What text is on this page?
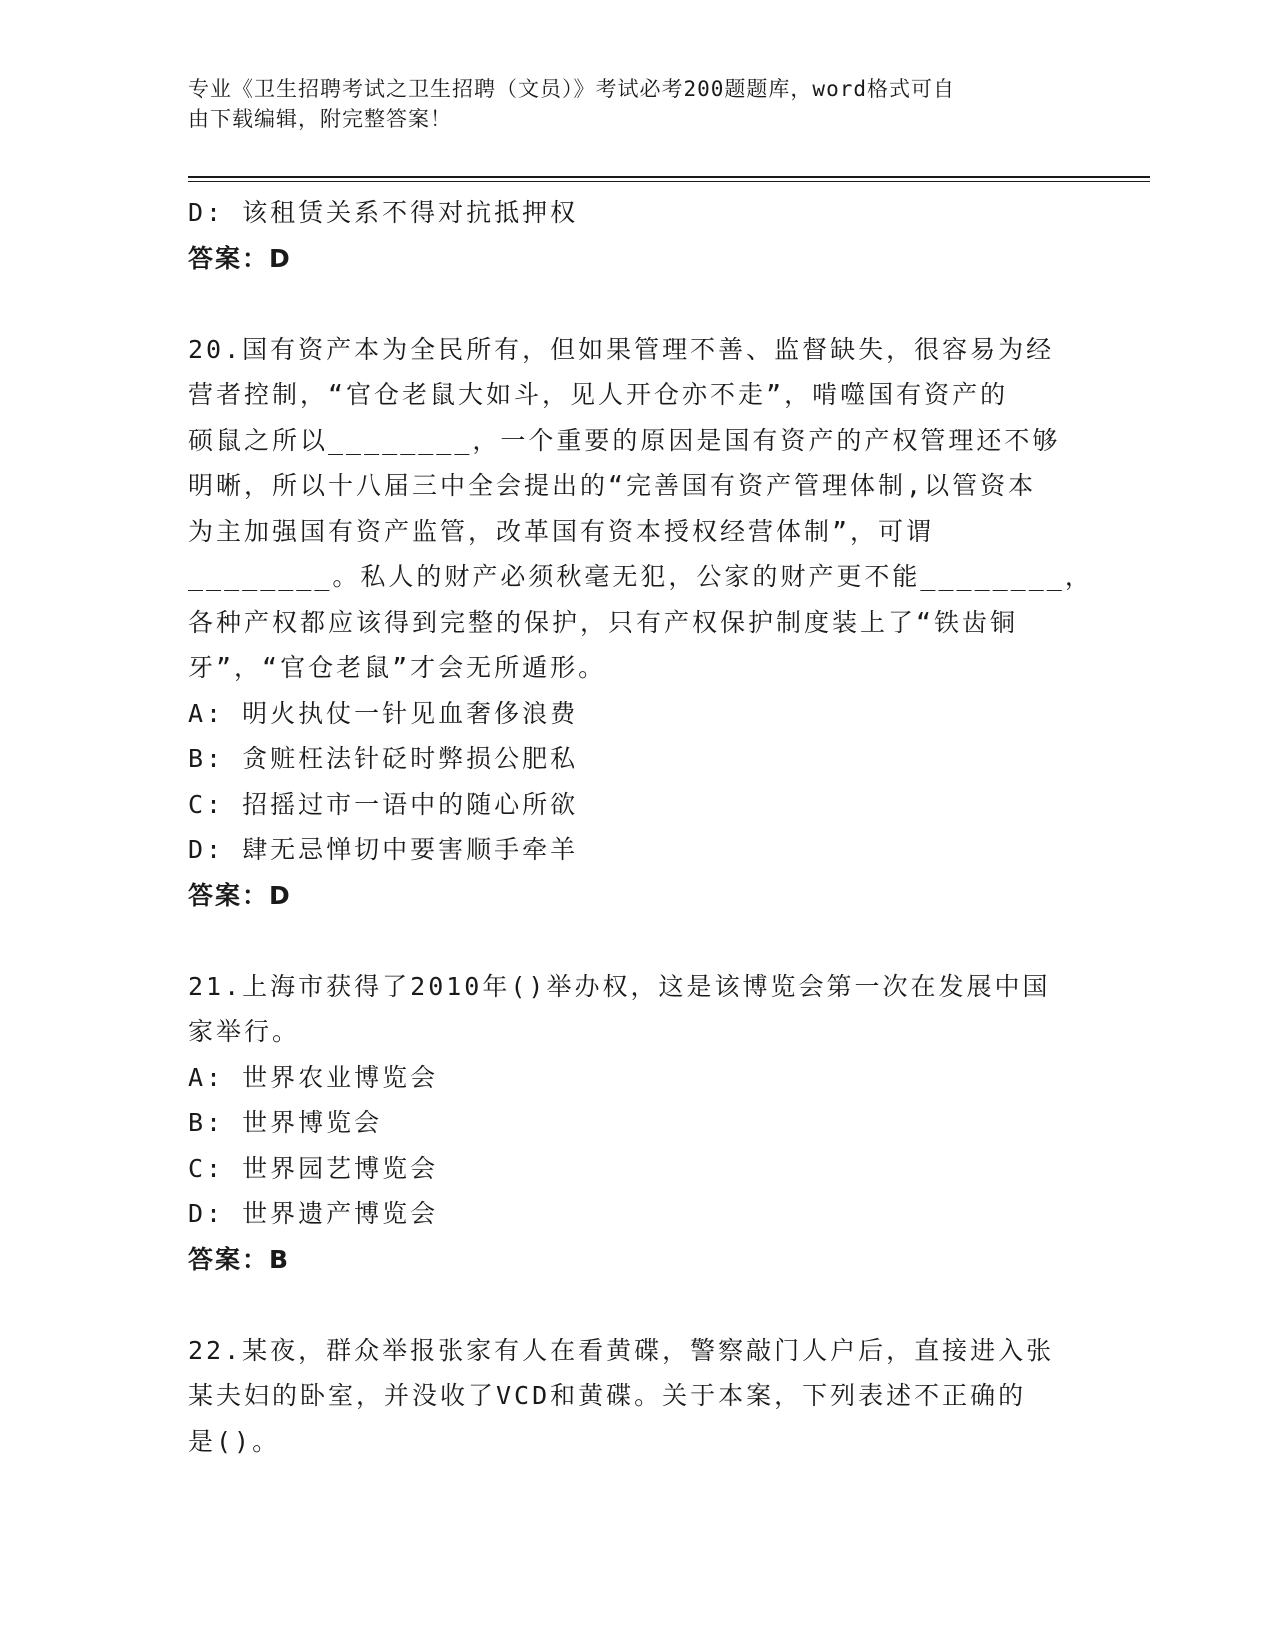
专业《卫生招聘考试之卫生招聘（文员）》考试必考200题题库，word格式可自
由下载编辑，附完整答案！
D: 该租赁关系不得对抗抵押权
答案：D
20.国有资产本为全民所有，但如果管理不善、监督缺失，很容易为经
营者控制，“官仓老鼠大如斗，见人开仓亦不走”，啃噬国有资产的
硕鼠之所以________，一个重要的原因是国有资产的产权管理还不够
明晰，所以十八届三中全会提出的“完善国有资产管理体制,以管资本
为主加强国有资产监管，改革国有资本授权经营体制”，可谓
________。私人的财产必须秋毫无犯，公家的财产更不能________，
各种产权都应该得到完整的保护，只有产权保护制度装上了“铁齿铜
牙”，“官仓老鼠”才会无所遁形。
A: 明火执仗一针见血奢侈浪费
B: 贪赃枉法针砭时弊损公肥私
C: 招摇过市一语中的随心所欲
D: 肆无忌惮切中要害顺手牵羊
答案：D
21.上海市获得了2010年()举办权，这是该博览会第一次在发展中国
家举行。
A: 世界农业博览会
B: 世界博览会
C: 世界园艺博览会
D: 世界遗产博览会
答案：B
22.某夜，群众举报张家有人在看黄碟，警察敲门人户后，直接进入张
某夫妇的卧室，并没收了VCD和黄碟。关于本案，下列表述不正确的
是()。
